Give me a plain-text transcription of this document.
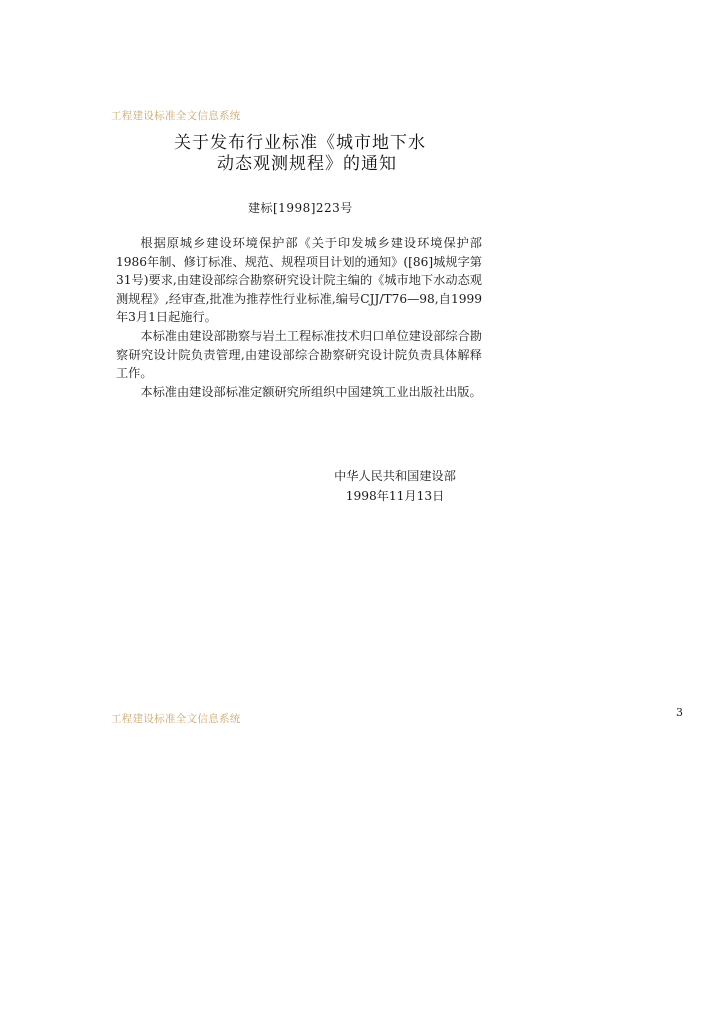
工程建设标准全文信息系统
关于发布行业标准《城市地下水
动态观测规程》的通知
建标[1998]223号

根据原城乡建设环境保护部《关于印发城乡建设环境保护部1986年制、修订标准、规范、规程项目计划的通知》([86]城规字第31号)要求,由建设部综合勘察研究设计院主编的《城市地下水动态观测规程》,经审查,批准为推荐性行业标准,编号CJJ/T76—98,自1999年3月1日起施行。

本标准由建设部勘察与岩土工程标准技术归口单位建设部综合勘察研究设计院负责管理,由建设部综合勘察研究设计院负责具体解释工作。

本标准由建设部标准定额研究所组织中国建筑工业出版社出版。

中华人民共和国建设部
1998年11月13日
工程建设标准全文信息系统	3
